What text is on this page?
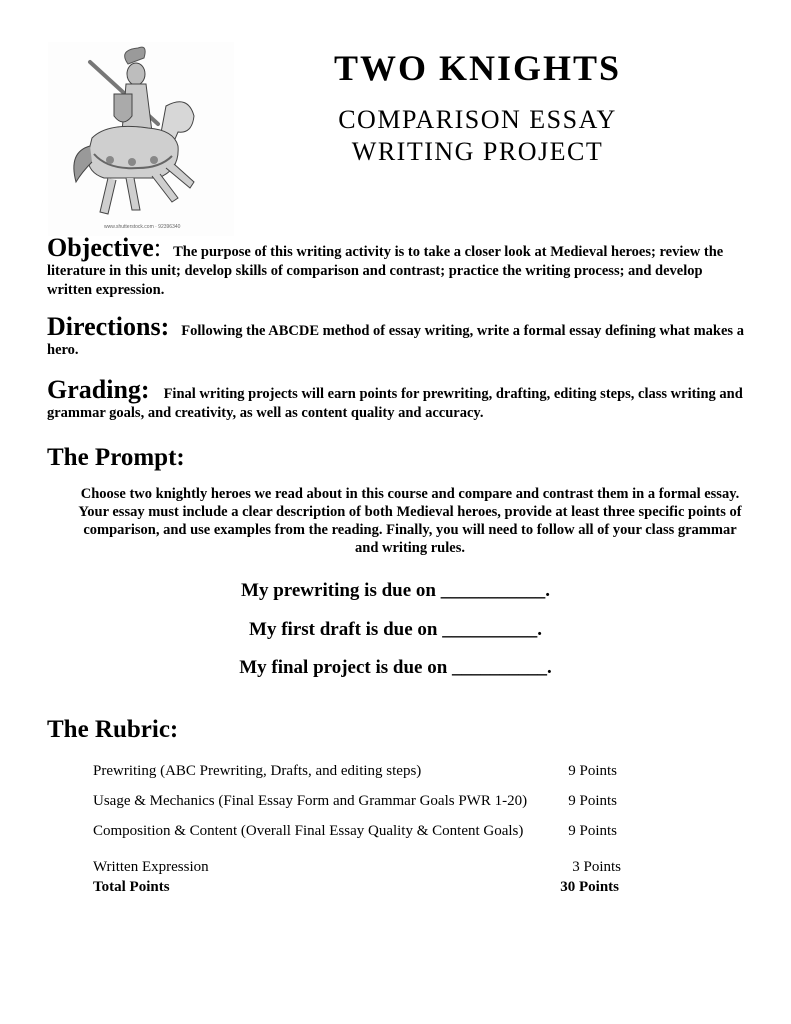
www.shutterstock.com · 92396340
TWO KNIGHTS
COMPARISON ESSAY
WRITING PROJECT
Objective: The purpose of this writing activity is to take a closer look at Medieval heroes; review the literature in this unit; develop skills of comparison and contrast; practice the writing process; and develop written expression.
Directions: Following the ABCDE method of essay writing, write a formal essay defining what makes a hero.
Grading: Final writing projects will earn points for prewriting, drafting, editing steps, class writing and grammar goals, and creativity, as well as content quality and accuracy.
The Prompt:
Choose two knightly heroes we read about in this course and compare and contrast them in a formal essay. Your essay must include a clear description of both Medieval heroes, provide at least three specific points of comparison, and use examples from the reading. Finally, you will need to follow all of your class grammar and writing rules.
My prewriting is due on ___________.
My first draft is due on __________.
My final project is due on __________.
The Rubric:
Prewriting (ABC Prewriting, Drafts, and editing steps)	9 Points
Usage & Mechanics (Final Essay Form and Grammar Goals PWR 1-20)	9 Points
Composition & Content (Overall Final Essay Quality & Content Goals)	9 Points
Written Expression	3 Points
Total Points	30 Points
